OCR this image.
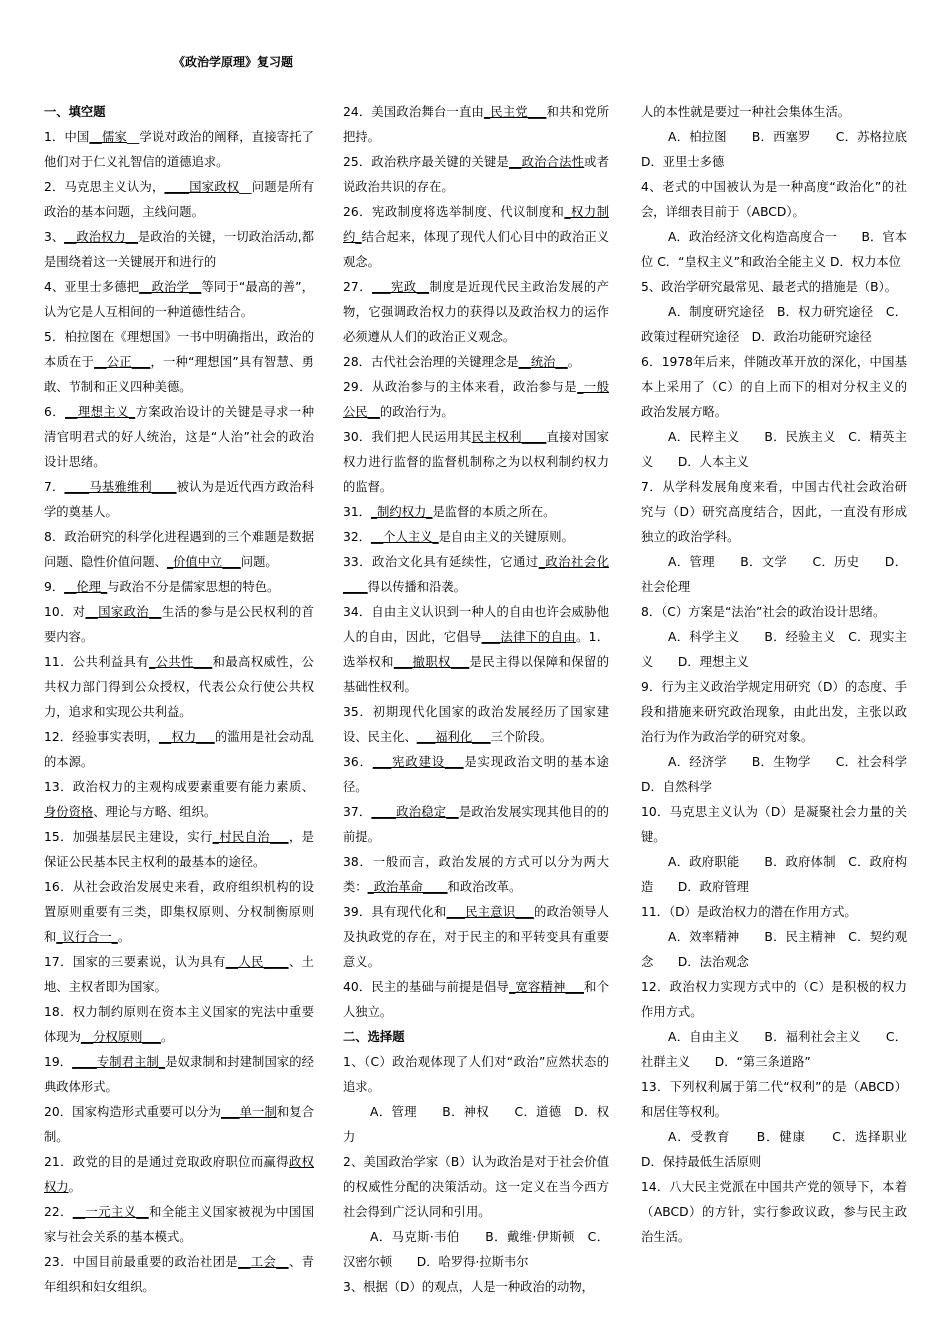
《政治学原理》复习题

一、填空题

1．中国__儒家__学说对政治的阐释，直接寄托了他们对于仁义礼智信的道德追求。

2．马克思主义认为，____国家政权__问题是所有政治的基本问题，主线问题。

3、__政治权力__是政治的关键，一切政治活动,都是围绕着这一关键展开和进行的

4、亚里士多德把__政治学__等同于“最高的善”，认为它是人互相间的一种道德性结合。

5．柏拉图在《理想国》一书中明确指出，政治的本质在于__公正___，一种“理想国”具有智慧、勇敢、节制和正义四种美德。

6．__理想主义_方案政治设计的关键是寻求一种清官明君式的好人统治，这是“人治”社会的政治设计思绪。

7．____马基雅维利____被认为是近代西方政治科学的奠基人。

8．政治研究的科学化进程遇到的三个难题是数据问题、隐性价值问题、_价值中立___问题。

9．__伦理_与政治不分是儒家思想的特色。

10．对__国家政治__生活的参与是公民权利的首要内容。

11．公共利益具有_公共性___和最高权威性，公共权力部门得到公众授权，代表公众行使公共权力，追求和实现公共利益。

12．经验事实表明，__权力___的滥用是社会动乱的本源。

13．政治权力的主观构成要素重要有能力素质、身份资格、理论与方略、组织。

15．加强基层民主建设，实行_村民自治___，是保证公民基本民主权利的最基本的途径。

16．从社会政治发展史来看，政府组织机构的设置原则重要有三类，即集权原则、分权制衡原则和_议行合一_。

17．国家的三要素说，认为具有__人民____、土地、主权者即为国家。

18．权力制约原则在资本主义国家的宪法中重要体现为__分权原则___。

19．____专制君主制_是奴隶制和封建制国家的经典政体形式。

20．国家构造形式重要可以分为___单一制和复合制。

21．政党的目的是通过竞取政府职位而赢得政权权力。

22．__一元主义__和全能主义国家被视为中国国家与社会关系的基本模式。

23．中国目前最重要的政治社团是__工会__、青年组织和妇女组织。

24．美国政治舞台一直由_民主党___和共和党所把持。

25．政治秩序最关键的关键是__政治合法性或者说政治共识的存在。

26．宪政制度将选举制度、代议制度和_权力制约_结合起来，体现了现代人们心目中的政治正义观念。

27．___宪政__制度是近现代民主政治发展的产物，它强调政治权力的获得以及政治权力的运作必须遵从人们的政治正义观念。

28．古代社会治理的关键理念是__统治__。

29．从政治参与的主体来看，政治参与是_一般公民__的政治行为。

30．我们把人民运用其民主权利____直接对国家权力进行监督的监督机制称之为以权利制约权力的监督。

31．_制约权力_是监督的本质之所在。

32．__个人主义_是自由主义的关键原则。

33．政治文化具有延续性，它通过_政治社会化____得以传播和沿袭。

34．自由主义认识到一种人的自由也许会威胁他人的自由，因此，它倡导___法律下的自由。1．选举权和___撤职权___是民主得以保障和保留的基础性权利。

35．初期现代化国家的政治发展经历了国家建设、民主化、___福利化___三个阶段。

36．___宪政建设___是实现政治文明的基本途径。

37．____政治稳定__是政治发展实现其他目的的前提。

38．一般而言，政治发展的方式可以分为两大类：_政治革命____和政治改革。

39．具有现代化和___民主意识___的政治领导人及执政党的存在，对于民主的和平转变具有重要意义。

40．民主的基础与前提是倡导_宽容精神___和个人独立。

二、选择题

1、（C）政治观体现了人们对“政治”应然状态的追求。

A．管理　　B．神权　　C．道德　D．权力

2、美国政治学家（B）认为政治是对于社会价值的权威性分配的决策活动。这一定义在当今西方社会得到广泛认同和引用。

A．马克斯·韦伯　　B．戴维·伊斯顿　C．汉密尔顿　　D．哈罗得·拉斯韦尔

3、根据（D）的观点，人是一种政治的动物，

人的本性就是要过一种社会集体生活。

A．柏拉图　　B．西塞罗　　C．苏格拉底　　D．亚里士多德

4、老式的中国被认为是一种高度“政治化”的社会，详细表目前于（ABCD）。

A．政治经济文化构造高度合一　　B．官本位 C．“皇权主义”和政治全能主义 D．权力本位

5、政治学研究最常见、最老式的措施是（B）。

A．制度研究途径　B．权力研究途径　C．政策过程研究途径　D．政治功能研究途径

6．1978年后来，伴随改革开放的深化，中国基本上采用了（C）的自上而下的相对分权主义的政治发展方略。

A．民粹主义　　B．民族主义　C．精英主义　　D．人本主义

7．从学科发展角度来看，中国古代社会政治研究与（D）研究高度结合，因此，一直没有形成独立的政治学科。

A．管理　　B．文学　　C．历史　　D．社会伦理

8．（C）方案是“法治”社会的政治设计思绪。

A．科学主义　　B．经验主义　C．现实主义　　D．理想主义

9．行为主义政治学规定用研究（D）的态度、手段和措施来研究政治现象，由此出发，主张以政治行为作为政治学的研究对象。

A．经济学　　B．生物学　　C．社会科学　　D．自然科学

10．马克思主义认为（D）是凝聚社会力量的关键。

A．政府职能　　B．政府体制　C．政府构造　　D．政府管理

11．（D）是政治权力的潜在作用方式。

A．效率精神　　B．民主精神　C．契约观念　　D．法治观念

12．政治权力实现方式中的（C）是积极的权力作用方式。

A．自由主义　　B．福利社会主义　　C．社群主义　　D．“第三条道路”

13．下列权利属于第二代“权利”的是（ABCD）和居住等权利。

A．受教育　　B．健康　　C．选择职业　　D．保持最低生活原则

14．八大民主党派在中国共产党的领导下，本着（ABCD）的方针，实行参政议政，参与民主政治生活。
